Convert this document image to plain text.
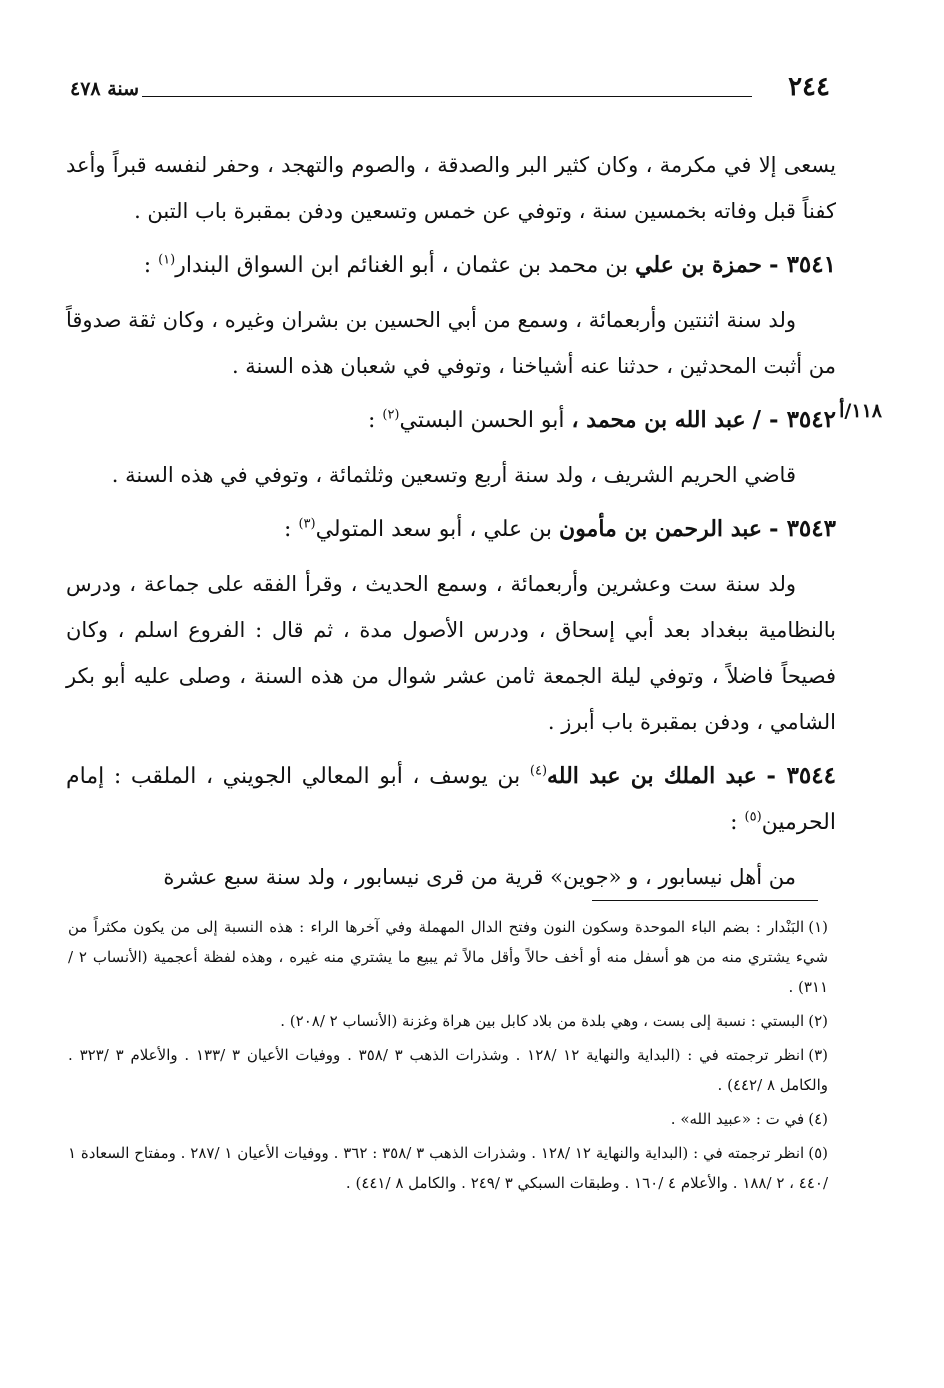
٢٤٤
سنة ٤٧٨
١١٨/أ

يسعى إلا في مكرمة ، وكان كثير البر والصدقة ، والصوم والتهجد ، وحفر لنفسه قبراً وأعد كفناً قبل وفاته بخمسين سنة ، وتوفي عن خمس وتسعين ودفن بمقبرة باب التبن .

٣٥٤١ - حمزة بن علي بن محمد بن عثمان ، أبو الغنائم ابن السواق البندار$^{(١)}$ :

ولد سنة اثنتين وأربعمائة ، وسمع من أبي الحسين بن بشران وغيره ، وكان ثقة صدوقاً من أثبت المحدثين ، حدثنا عنه أشياخنا ، وتوفي في شعبان هذه السنة .

٣٥٤٢ - / عبد الله بن محمد ، أبو الحسن البستي$^{(٢)}$ :

قاضي الحريم الشريف ، ولد سنة أربع وتسعين وثلثمائة ، وتوفي في هذه السنة .

٣٥٤٣ - عبد الرحمن بن مأمون بن علي ، أبو سعد المتولي$^{(٣)}$ :

ولد سنة ست وعشرين وأربعمائة ، وسمع الحديث ، وقرأ الفقه على جماعة ، ودرس بالنظامية ببغداد بعد أبي إسحاق ، ودرس الأصول مدة ، ثم قال : الفروع اسلم ، وكان فصيحاً فاضلاً ، وتوفي ليلة الجمعة ثامن عشر شوال من هذه السنة ، وصلى عليه أبو بكر الشامي ، ودفن بمقبرة باب أبرز .

٣٥٤٤ - عبد الملك بن عبد الله$^{(٤)}$ بن يوسف ، أبو المعالي الجويني ، الملقب : إمام الحرمين$^{(٥)}$ :

من أهل نيسابور ، و «جوين» قرية من قرى نيسابور ، ولد سنة سبع عشرة

(١)البَنْدار : بضم الباء الموحدة وسكون النون وفتح الدال المهملة وفي آخرها الراء : هذه النسبة إلى من يكون مكثراً من شيء يشتري منه من هو أسفل منه أو أخف حالاً وأقل مالاً ثم يبيع ما يشتري منه غيره ، وهذه لفظة أعجمية (الأنساب ٢ /٣١١) .

(٢)البستي : نسبة إلى بست ، وهي بلدة من بلاد كابل بين هراة وغزنة (الأنساب ٢ /٢٠٨) .

(٣)انظر ترجمته في : (البداية والنهاية ١٢ /١٢٨ . وشذرات الذهب ٣ /٣٥٨ . ووفيات الأعيان ٣ /١٣٣ . والأعلام ٣ /٣٢٣ . والكامل ٨ /٤٤٢) .

(٤)في ت : «عبيد الله» .

(٥)انظر ترجمته في : (البداية والنهاية ١٢ /١٢٨ . وشذرات الذهب ٣ /٣٥٨ : ٣٦٢ . ووفيات الأعيان ١ /٢٨٧ . ومفتاح السعادة ١ /٤٤٠ ، ٢ /١٨٨ . والأعلام ٤ /١٦٠ . وطبقات السبكي ٣ /٢٤٩ . والكامل ٨ /٤٤١) .
